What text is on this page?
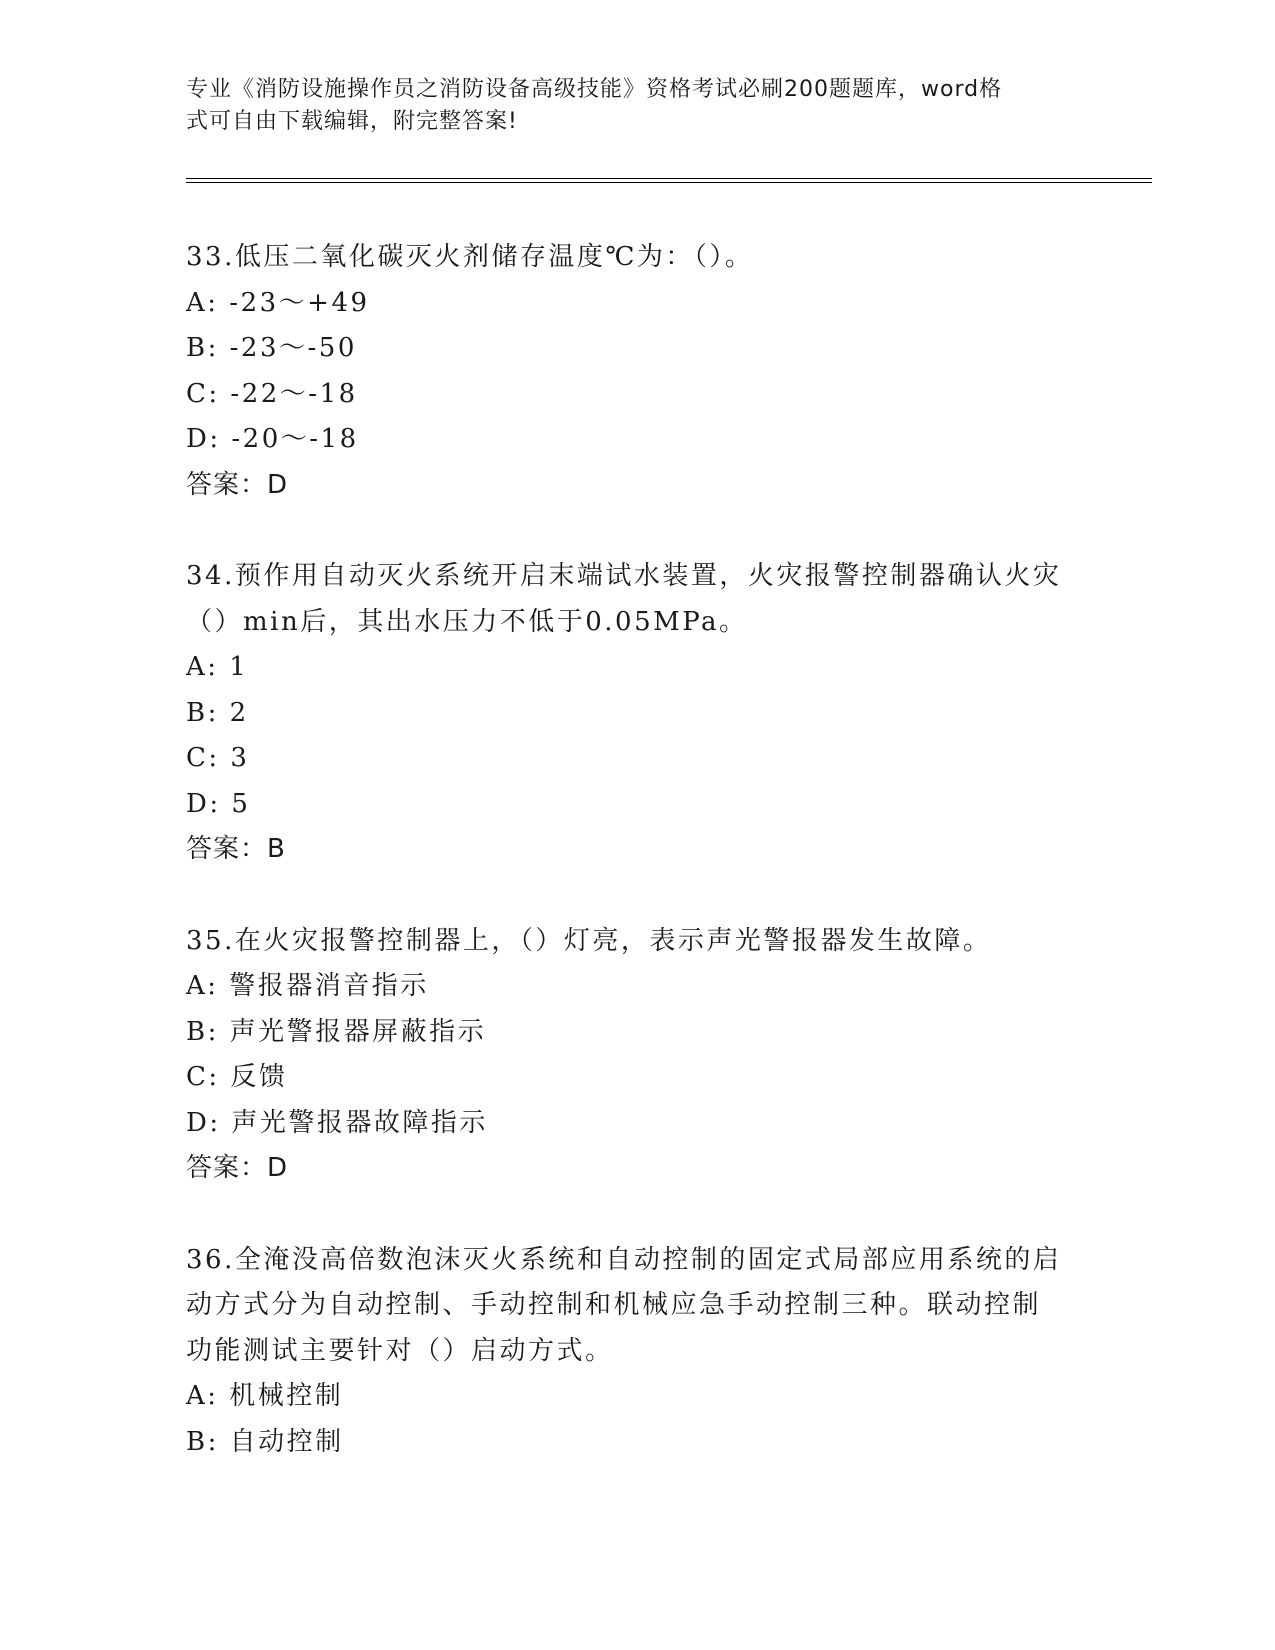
专业《消防设施操作员之消防设备高级技能》资格考试必刷200题题库，word格
式可自由下载编辑，附完整答案!

33.低压二氧化碳灭火剂储存温度℃为：（）。

A: -23～+49

B: -23～-50

C: -22～-18

D: -20～-18

答案：D

34.预作用自动灭火系统开启末端试水装置，火灾报警控制器确认火灾

（）min后，其出水压力不低于0.05MPa。

A: 1

B: 2

C: 3

D: 5

答案：B

35.在火灾报警控制器上，（）灯亮，表示声光警报器发生故障。

A: 警报器消音指示

B: 声光警报器屏蔽指示

C: 反馈

D: 声光警报器故障指示

答案：D

36.全淹没高倍数泡沫灭火系统和自动控制的固定式局部应用系统的启

动方式分为自动控制、手动控制和机械应急手动控制三种。联动控制

功能测试主要针对（）启动方式。

A: 机械控制

B: 自动控制
